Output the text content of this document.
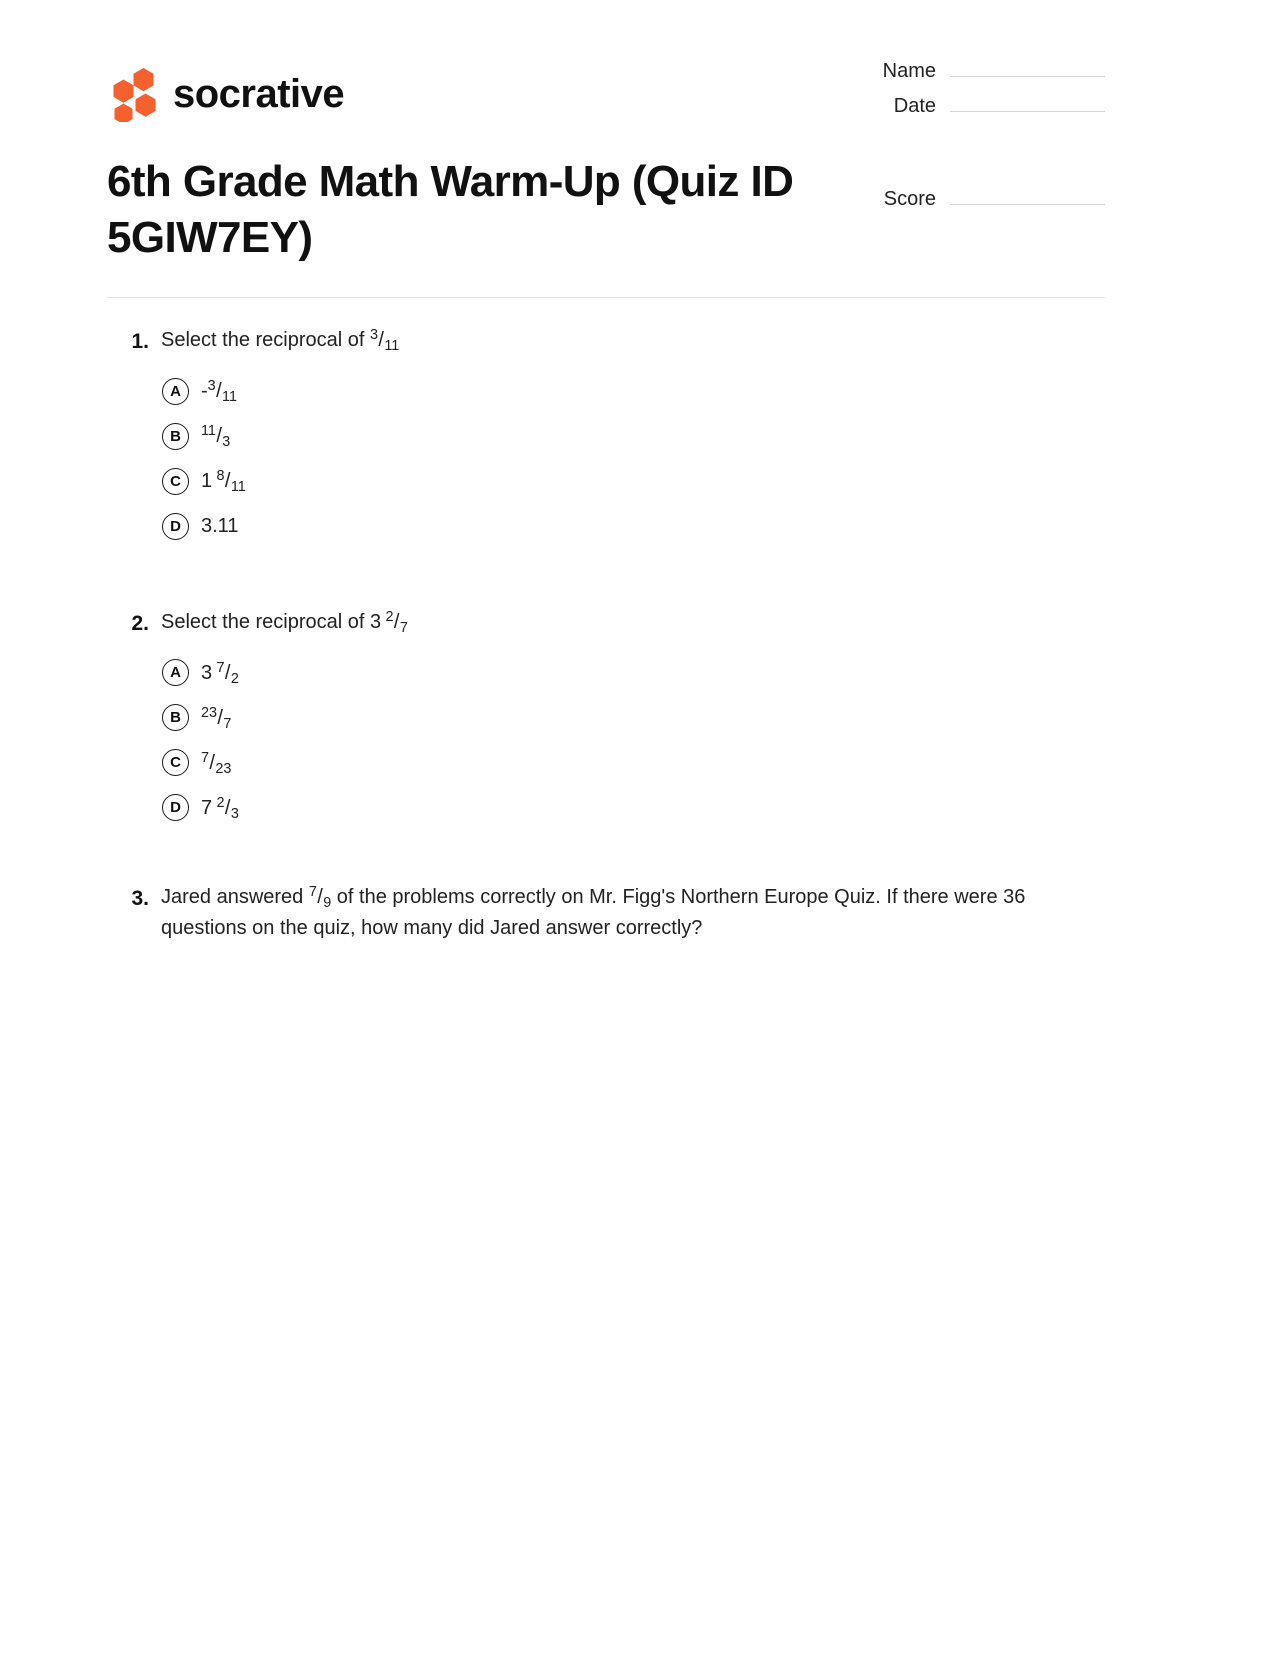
socrative
Name
Date
Score
6th Grade Math Warm-Up (Quiz ID 5GIW7EY)
1. Select the reciprocal of $^3/_{11}$
A	$-^3/_{11}$
B	$^{11}/_3$
C	1 $^8/_{11}$
D	3.11
2. Select the reciprocal of 3 $^2/_7$
A	3 $^7/_2$
B	$^{23}/_7$
C	$^7/_{23}$
D	7 $^2/_3$
3. Jared answered $^7/_9$ of the problems correctly on Mr. Figg's Northern Europe Quiz. If there were 36 questions on the quiz, how many did Jared answer correctly?
